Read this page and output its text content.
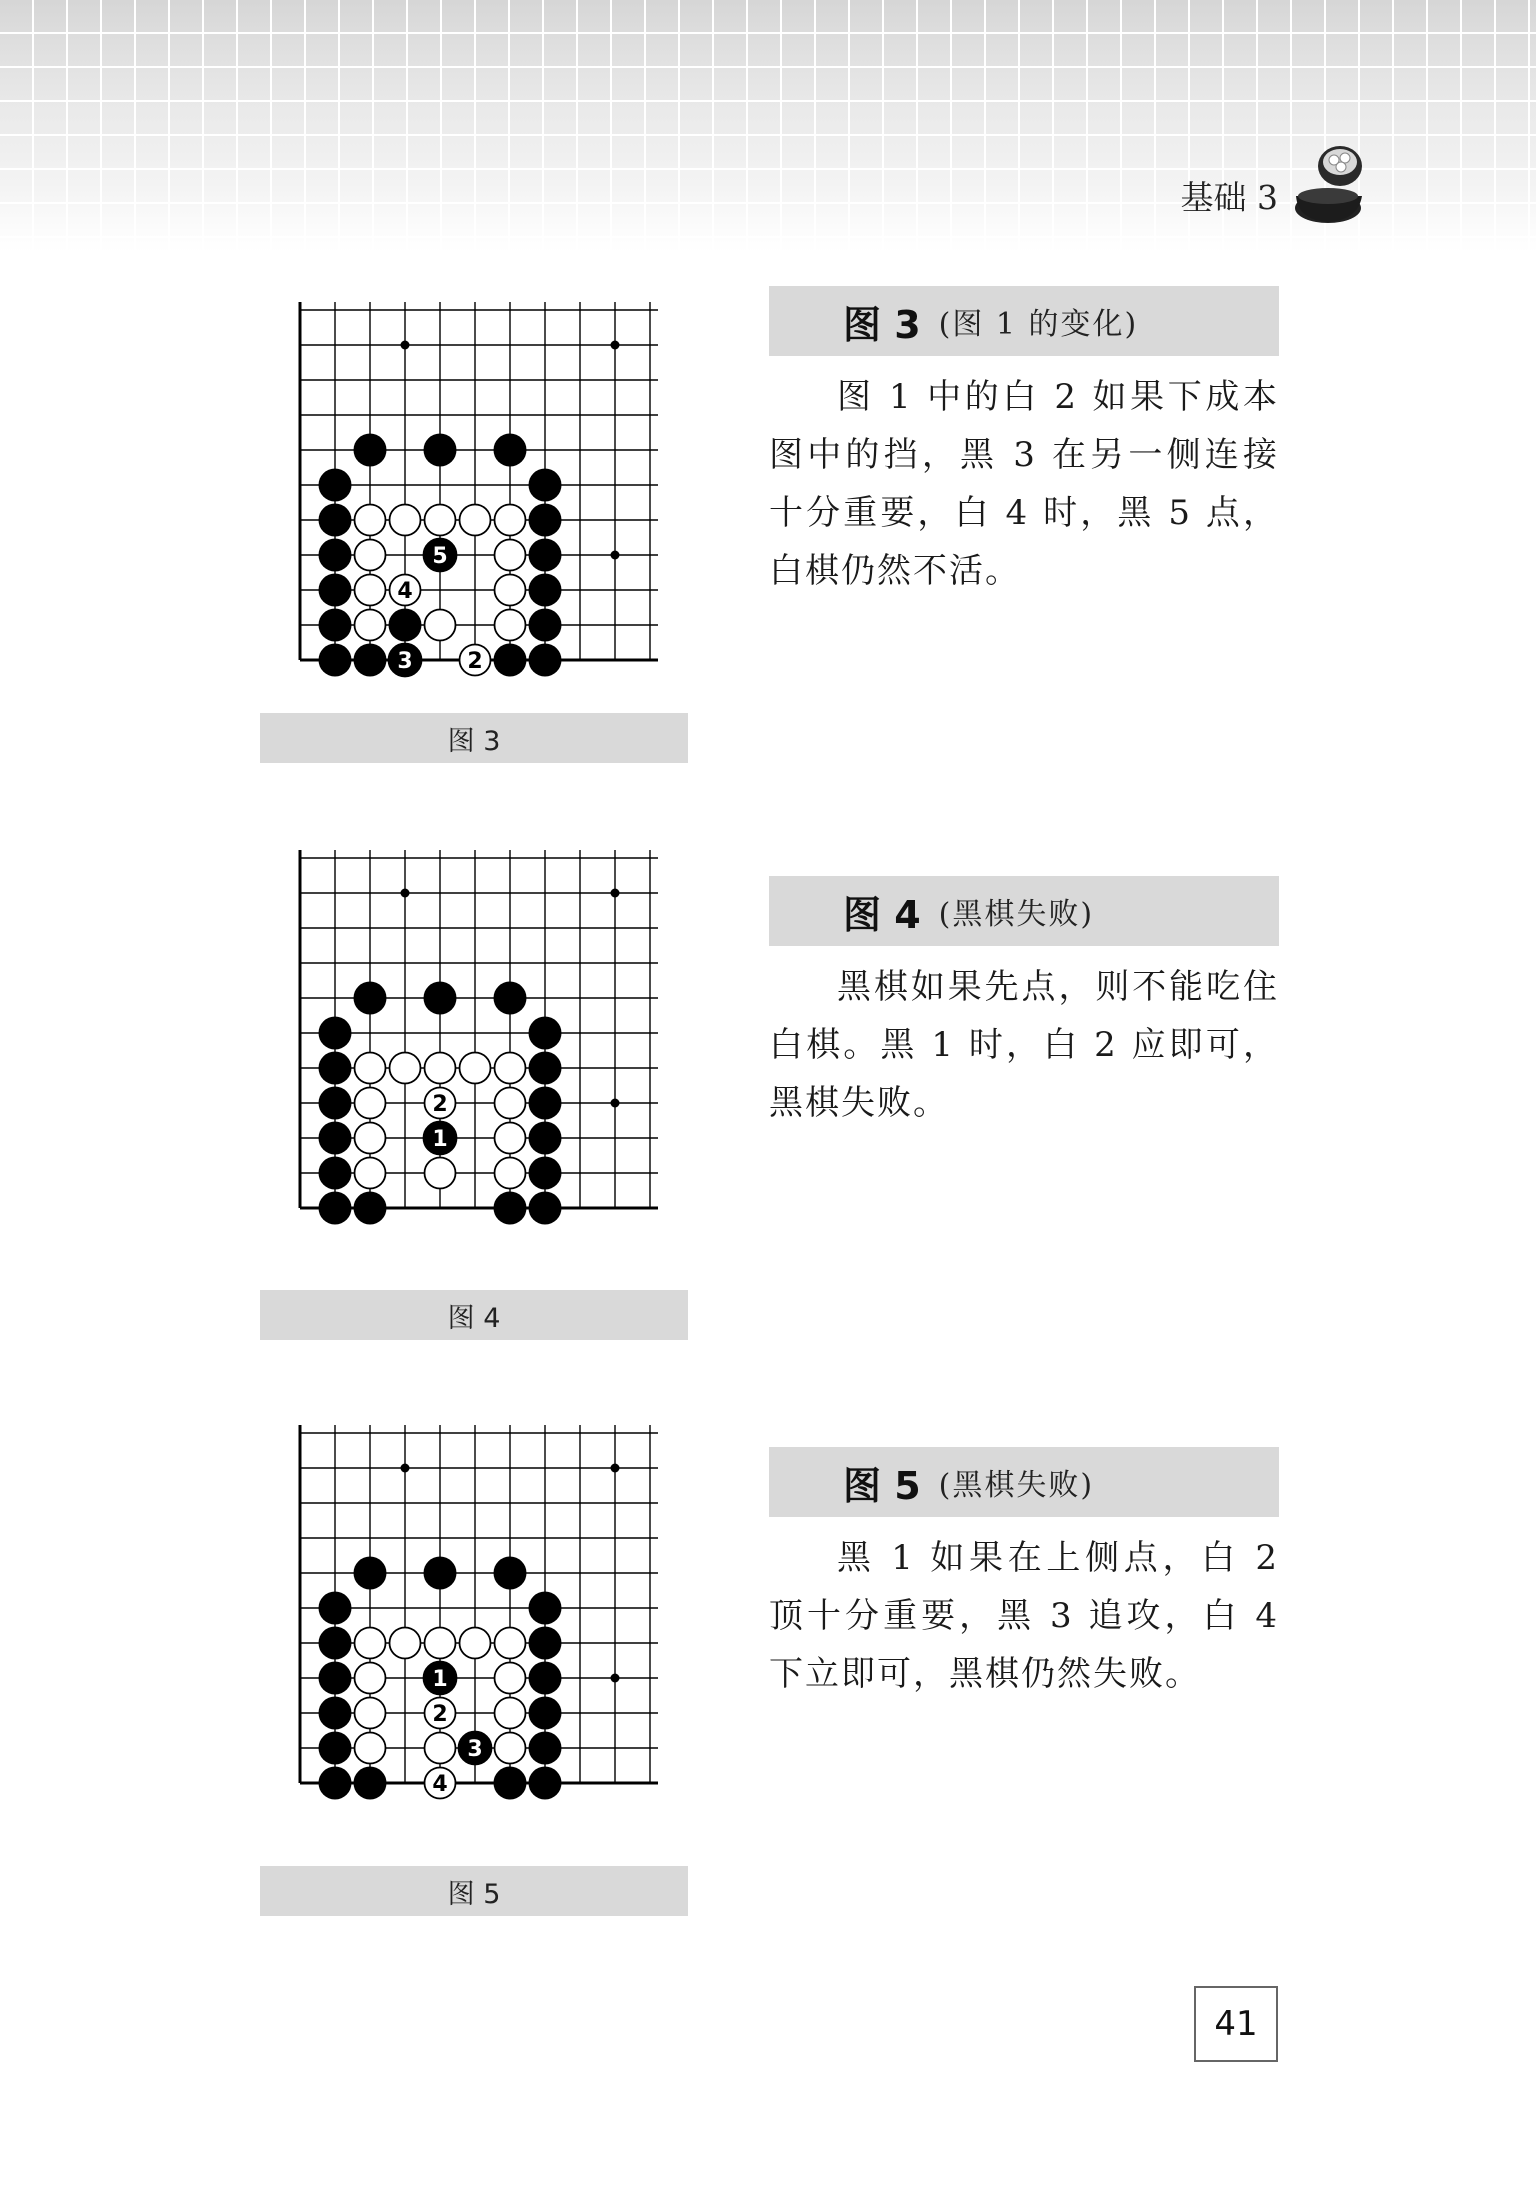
基础 3
3 2
4
5
图 3
图 3 (图 1 的变化)

图 1 中的白 2 如果下成本图中的挡，黑 3 在另一侧连接十分重要，白 4 时，黑 5 点，白棋仍然不活。

2
1
图 4
图 4 (黑棋失败)

黑棋如果先点，则不能吃住白棋。黑 1 时，白 2 应即可，黑棋失败。

1
2
3
4
图 5
图 5 (黑棋失败)

黑 1 如果在上侧点，白 2 顶十分重要，黑 3 追攻，白 4 下立即可，黑棋仍然失败。

41
